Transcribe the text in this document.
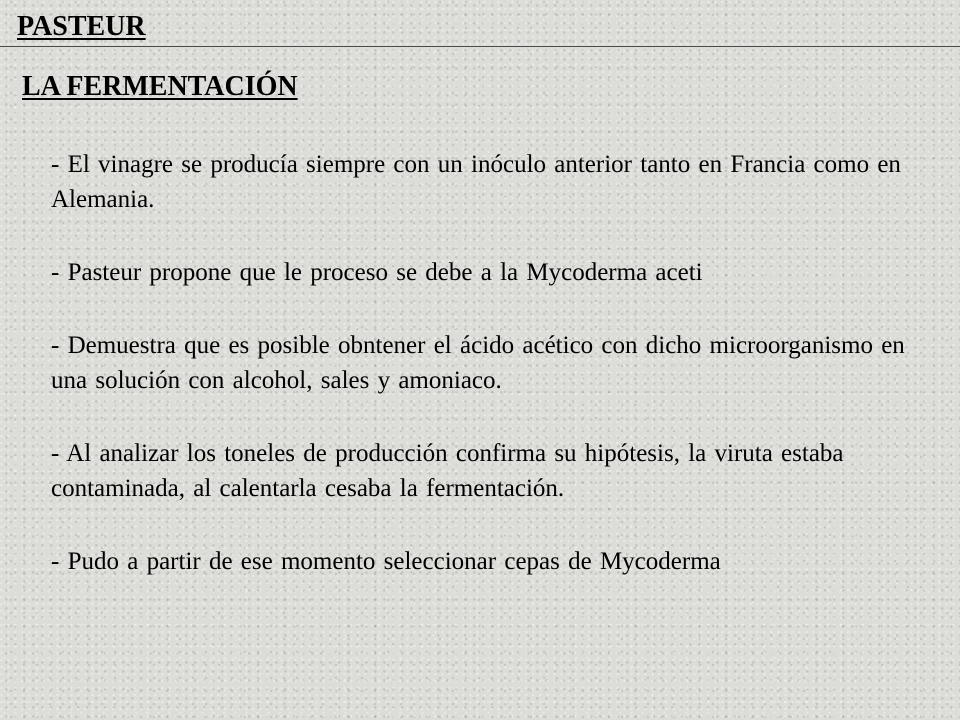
PASTEUR
LA FERMENTACIÓN

- El vinagre se producía siempre con un inóculo anterior tanto en Francia como en Alemania.

- Pasteur propone que le proceso se debe a la Mycoderma aceti

- Demuestra que es posible obntener el ácido acético con dicho microorganismo en una solución con alcohol, sales y amoniaco.

- Al analizar los toneles de producción confirma su hipótesis, la viruta estaba contaminada, al calentarla cesaba la fermentación.

- Pudo a partir de ese momento seleccionar cepas de Mycoderma
